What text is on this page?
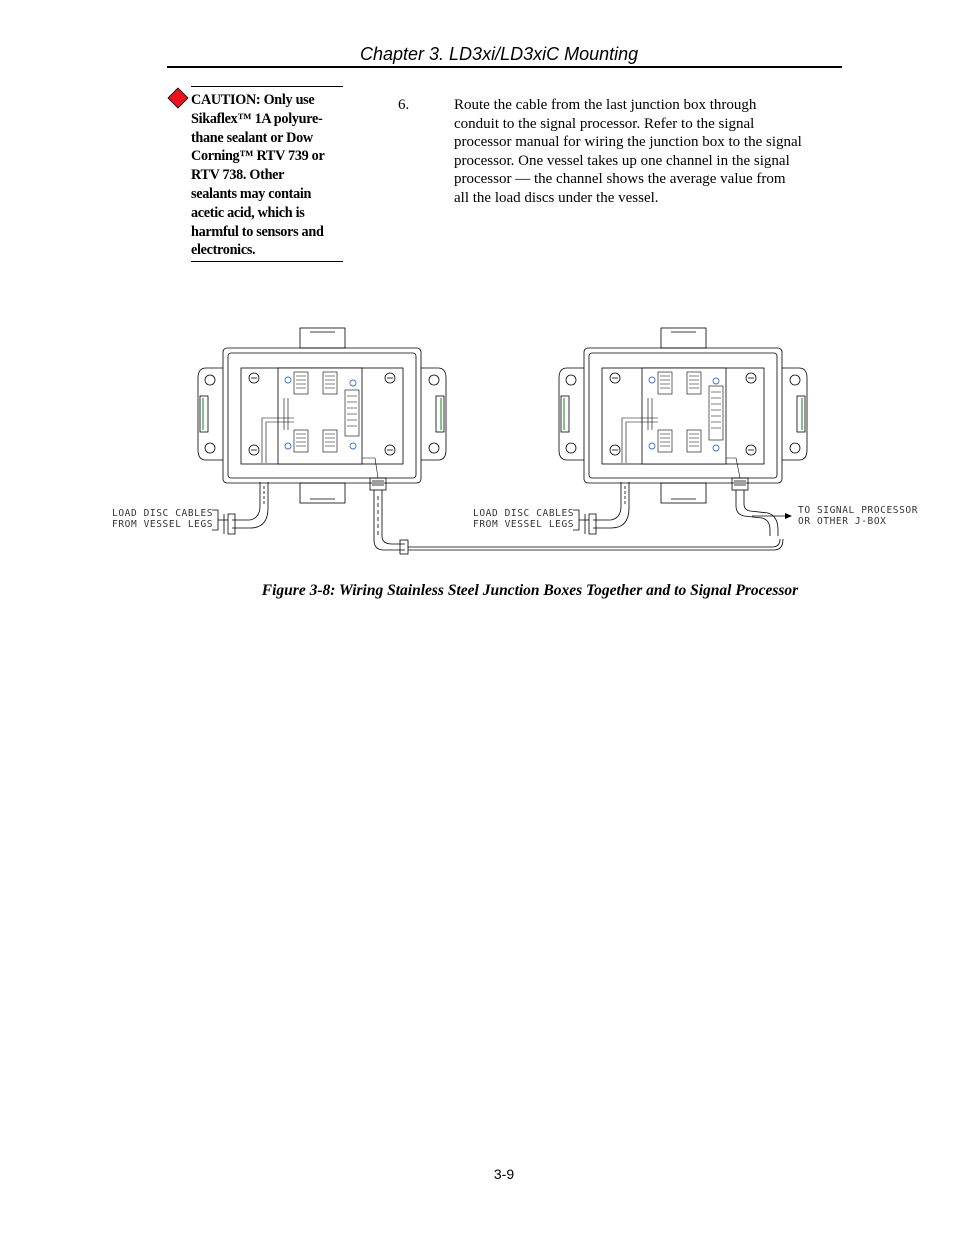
Chapter 3. LD3xi/LD3xiC Mounting
CAUTION: Only use
Sikaflex™ 1A polyure-
thane sealant or Dow
Corning™ RTV 739 or
RTV 738. Other
sealants may contain
acetic acid, which is
harmful to sensors and
electronics.
6.	Route the cable from the last junction box through
conduit to the signal processor. Refer to the signal
processor manual for wiring the junction box to the signal
processor. One vessel takes up one channel in the signal
processor — the channel shows the average value from
all the load discs under the vessel.
LOAD DISC CABLES
FROM VESSEL LEGS
LOAD DISC CABLES
FROM VESSEL LEGS
TO SIGNAL PROCESSOR
OR OTHER J-BOX
Figure 3-8: Wiring Stainless Steel Junction Boxes Together and to Signal Processor
3-9
